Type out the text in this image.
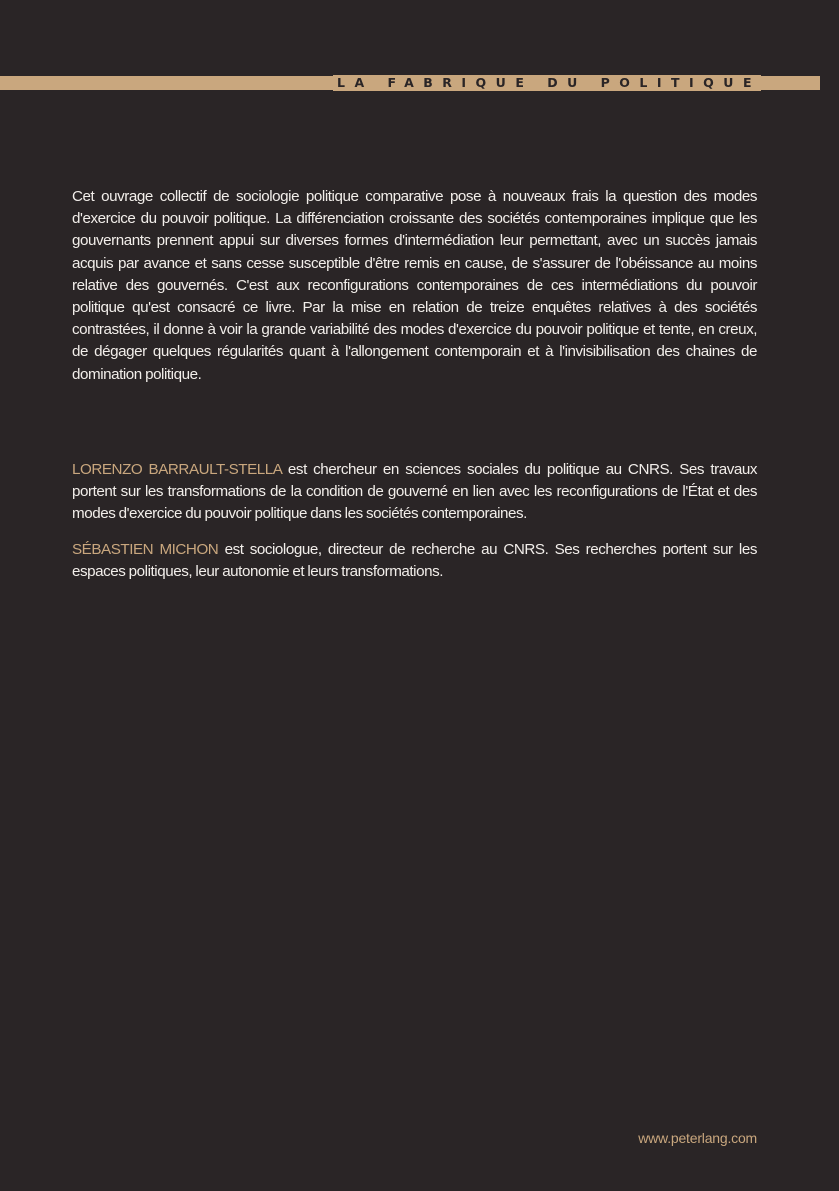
LA FABRIQUE DU POLITIQUE

Cet ouvrage collectif de sociologie politique comparative pose à nouveaux frais la question des modes d'exercice du pouvoir politique. La différenciation croissante des sociétés contemporaines implique que les gouvernants prennent appui sur diverses formes d'intermédiation leur permettant, avec un succès jamais acquis par avance et sans cesse susceptible d'être remis en cause, de s'assurer de l'obéissance au moins relative des gouvernés. C'est aux reconfigurations contemporaines de ces intermédiations du pouvoir politique qu'est consacré ce livre. Par la mise en relation de treize enquêtes relatives à des sociétés contrastées, il donne à voir la grande variabilité des modes d'exercice du pouvoir politique et tente, en creux, de dégager quelques régularités quant à l'allongement contemporain et à l'invisibilisation des chaines de domination politique.

LORENZO BARRAULT-STELLA est chercheur en sciences sociales du politique au CNRS. Ses travaux portent sur les transformations de la condition de gouverné en lien avec les reconfigurations de l'État et des modes d'exercice du pouvoir politique dans les sociétés contemporaines.

SÉBASTIEN MICHON est sociologue, directeur de recherche au CNRS. Ses recherches portent sur les espaces politiques, leur autonomie et leurs transformations.

www.peterlang.com
